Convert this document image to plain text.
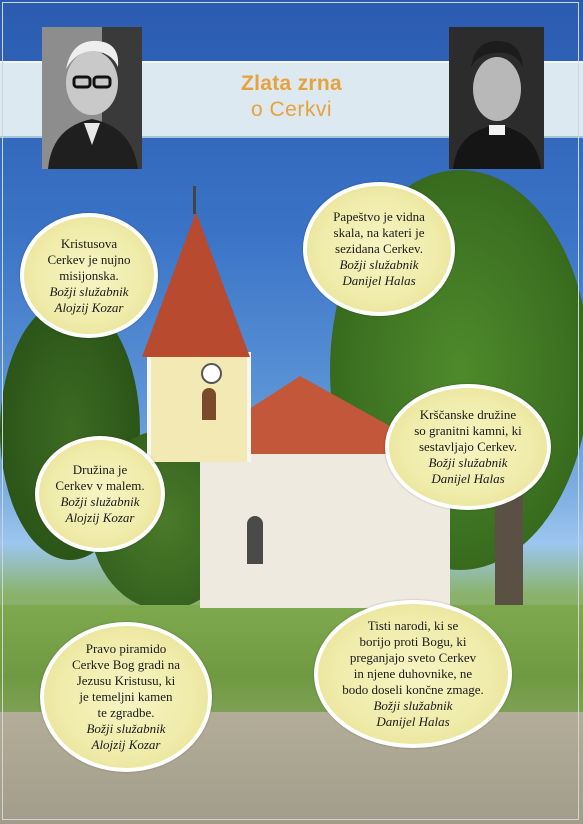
Zlata zrna
o Cerkvi
Kristusova
Cerkev je nujno
misijonska.
Božji služabnik
Alojzij Kozar
Papeštvo je vidna
skala, na kateri je
sezidana Cerkev.
Božji služabnik
Danijel Halas
Krščanske družine
so granitni kamni, ki
sestavljajo Cerkev.
Božji služabnik
Danijel Halas
Družina je
Cerkev v malem.
Božji služabnik
Alojzij Kozar
Pravo piramido
Cerkve Bog gradi na
Jezusu Kristusu, ki
je temeljni kamen
te zgradbe.
Božji služabnik
Alojzij Kozar
Tisti narodi, ki se
borijo proti Bogu, ki
preganjajo sveto Cerkev
in njene duhovnike, ne
bodo doseli končne zmage.
Božji služabnik
Danijel Halas
